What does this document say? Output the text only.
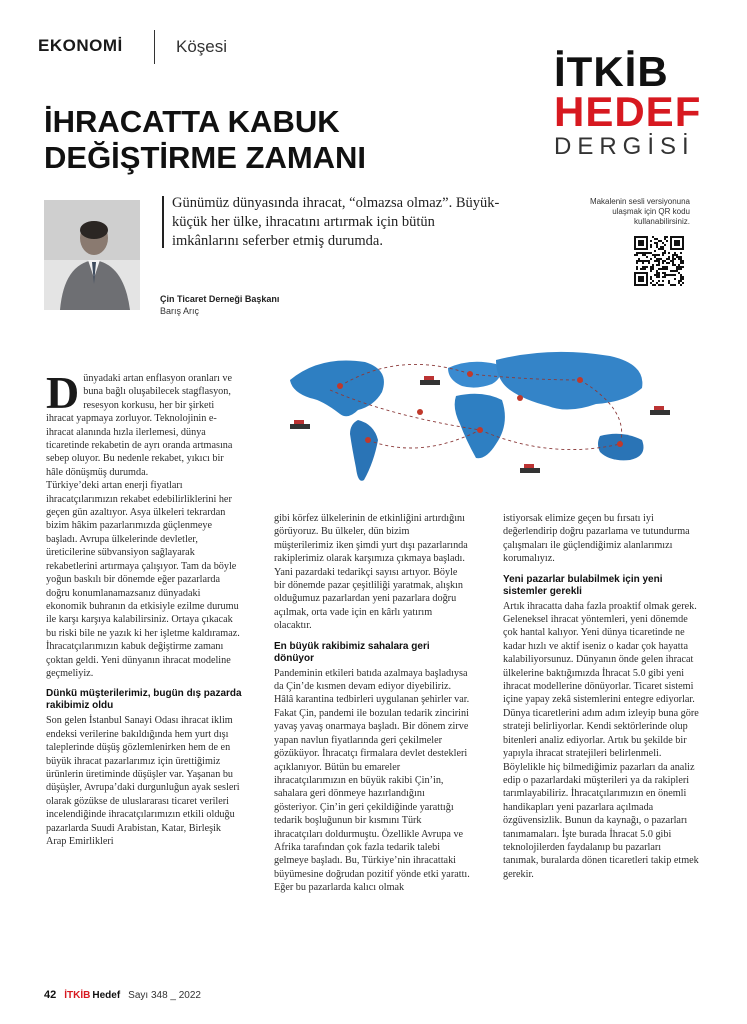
EKONOMİ	Köşesi
İTKİB
HEDEF
DERGİSİ
İHRACATTA KABUK
DEĞİŞTİRME ZAMANI
Çin Ticaret Derneği Başkanı
Barış Arıç
Günümüz dünyasında ihracat, “olmazsa olmaz”. Büyük-küçük her ülke, ihracatını artırmak için bütün imkânlarını seferber etmiş durumda.
Makalenin sesli versiyonuna ulaşmak için QR kodu kullanabilirsiniz.
D ünyadaki artan enflasyon oranları ve buna bağlı oluşabilecek stagflasyon, resesyon korkusu, her bir şirketi ihracat yapmaya zorluyor. Teknolojinin e-ihracat alanında hızla ilerlemesi, dünya ticaretinde rekabetin de ayrı oranda artmasına sebep oluyor. Bu nedenle rekabet, yıkıcı bir hâle dönüşmüş durumda.

Türkiye’deki artan enerji fiyatları ihracatçılarımızın rekabet edebilirliklerini her geçen gün azaltıyor. Asya ülkeleri tekrardan bizim hâkim pazarlarımızda güçlenmeye başladı. Avrupa ülkelerinde devletler, üreticilerine sübvansiyon sağlayarak rekabetlerini artırmaya çalışıyor. Tam da böyle yoğun baskılı bir dönemde eğer pazarlarda doğru konumlanamazsanız dünyadaki ekonomik buhranın da etkisiyle ezilme durumu ile karşı karşıya kalabilirsiniz. Ortaya çıkacak bu riski bile ne yazık ki her işletme kaldıramaz. İhracatçılarımızın kabuk değiştirme zamanı çoktan geldi. Yeni dünyanın ihracat modeline geçmeliyiz.

Dünkü müşterilerimiz, bugün dış pazarda rakibimiz oldu

Son gelen İstanbul Sanayi Odası ihracat iklim endeksi verilerine bakıldığında hem yurt dışı taleplerinde düşüş gözlemlenirken hem de en büyük ihracat pazarlarımız için ürettiğimiz ürünlerin üretiminde düşüşler var. Yaşanan bu düşüşler, Avrupa’daki durgunluğun ayak sesleri olarak gözükse de uluslararası ticaret verileri incelendiğinde ihracatçılarımızın etkili olduğu pazarlarda Suudi Arabistan, Katar, Birleşik Arap Emirlikleri

gibi körfez ülkelerinin de etkinliğini artırdığını görüyoruz. Bu ülkeler, dün bizim müşterilerimiz iken şimdi yurt dışı pazarlarında rakiplerimiz olarak karşımıza çıkmaya başladı. Yani pazardaki tedarikçi sayısı artıyor. Böyle bir dönemde pazar çeşitliliği yaratmak, alışkın olduğumuz pazarlardan yeni pazarlara doğru açılmak, orta vade için en kârlı yatırım olacaktır.

En büyük rakibimiz sahalara geri dönüyor

Pandeminin etkileri batıda azalmaya başladıysa da Çin’de kısmen devam ediyor diyebiliriz. Hâlâ karantina tedbirleri uygulanan şehirler var. Fakat Çin, pandemi ile bozulan tedarik zincirini yavaş yavaş onarmaya başladı. Bir dönem zirve yapan navlun fiyatlarında geri çekilmeler gözüküyor. İhracatçı firmalara devlet destekleri açıklanıyor. Bütün bu emareler ihracatçılarımızın en büyük rakibi Çin’in, sahalara geri dönmeye hazırlandığını gösteriyor. Çin’in geri çekildiğinde yarattığı tedarik boşluğunun bir kısmını Türk ihracatçıları doldurmuştu. Özellikle Avrupa ve Afrika tarafından çok fazla tedarik talebi gelmeye başladı. Bu, Türkiye’nin ihracattaki büyümesine doğrudan pozitif yönde etki yarattı. Eğer bu pazarlarda kalıcı olmak

istiyorsak elimize geçen bu fırsatı iyi değerlendirip doğru pazarlama ve tutundurma çalışmaları ile güçlendiğimiz alanlarımızı korumalıyız.

Yeni pazarlar bulabilmek için yeni sistemler gerekli

Artık ihracatta daha fazla proaktif olmak gerek. Geleneksel ihracat yöntemleri, yeni dönemde çok hantal kalıyor. Yeni dünya ticaretinde ne kadar hızlı ve aktif iseniz o kadar çok hayatta kalabiliyorsunuz. Dünyanın önde gelen ihracat ülkelerine baktığımızda İhracat 5.0 gibi yeni ihracat modellerine dönüyorlar. Ticaret sistemi içine yapay zekâ sistemlerini entegre ediyorlar. Dünya ticaretlerini adım adım izleyip buna göre strateji belirliyorlar. Kendi sektörlerinde olup bitenleri analiz ediyorlar. Artık bu şekilde bir yapıyla ihracat stratejileri belirlenmeli. Böylelikle hiç bilmediğimiz pazarları da analiz edip o pazarlardaki müşterileri ya da rakipleri tarımlayabiliriz. İhracatçılarımızın en önemli handikapları yeni pazarlara açılmada özgüvensizlik. Bunun da kaynağı, o pazarları tanımamaları. İşte burada İhracat 5.0 gibi teknolojilerden faydalanıp bu pazarları tanımak, buralarda dönen ticaretleri takip etmek gerekir.

42 İTKİB Hedef Sayı 348 _ 2022
